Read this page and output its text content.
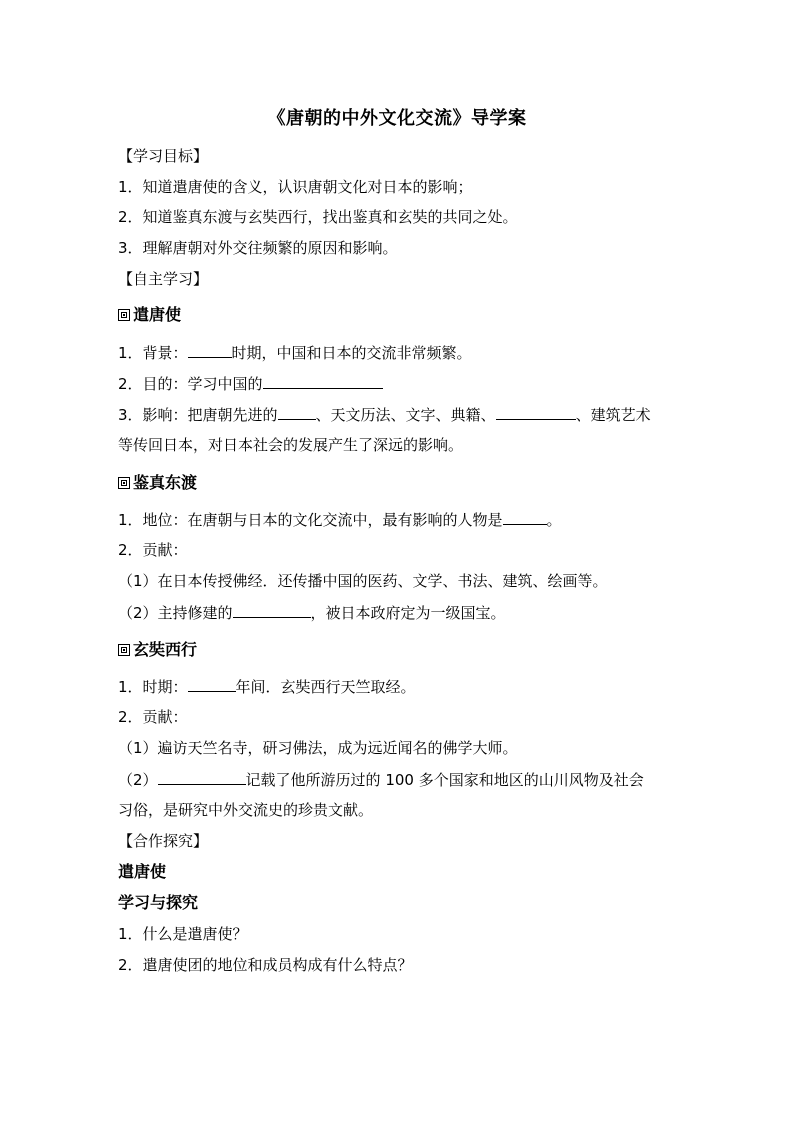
《唐朝的中外文化交流》导学案
【学习目标】
1．知道遣唐使的含义，认识唐朝文化对日本的影响；
2．知道鉴真东渡与玄奘西行，找出鉴真和玄奘的共同之处。
3．理解唐朝对外交往频繁的原因和影响。
【自主学习】
遣唐使
1．背景：	时期，中国和日本的交流非常频繁。
2．目的：学习中国的
3．影响：把唐朝先进的	、天文历法、文字、典籍、	、建筑艺术
等传回日本，对日本社会的发展产生了深远的影响。
鉴真东渡
1．地位：在唐朝与日本的文化交流中，最有影响的人物是	。
2．贡献：
（1）在日本传授佛经．还传播中国的医药、文学、书法、建筑、绘画等。
（2）主持修建的	，被日本政府定为一级国宝。
玄奘西行
1．时期：	年间．玄奘西行天竺取经。
2．贡献：
（1）遍访天竺名寺，研习佛法，成为远近闻名的佛学大师。
（2）	记载了他所游历过的 100 多个国家和地区的山川风物及社会
习俗，是研究中外交流史的珍贵文献。
【合作探究】
遣唐使
学习与探究
1．什么是遣唐使？
2．遣唐使团的地位和成员构成有什么特点？
